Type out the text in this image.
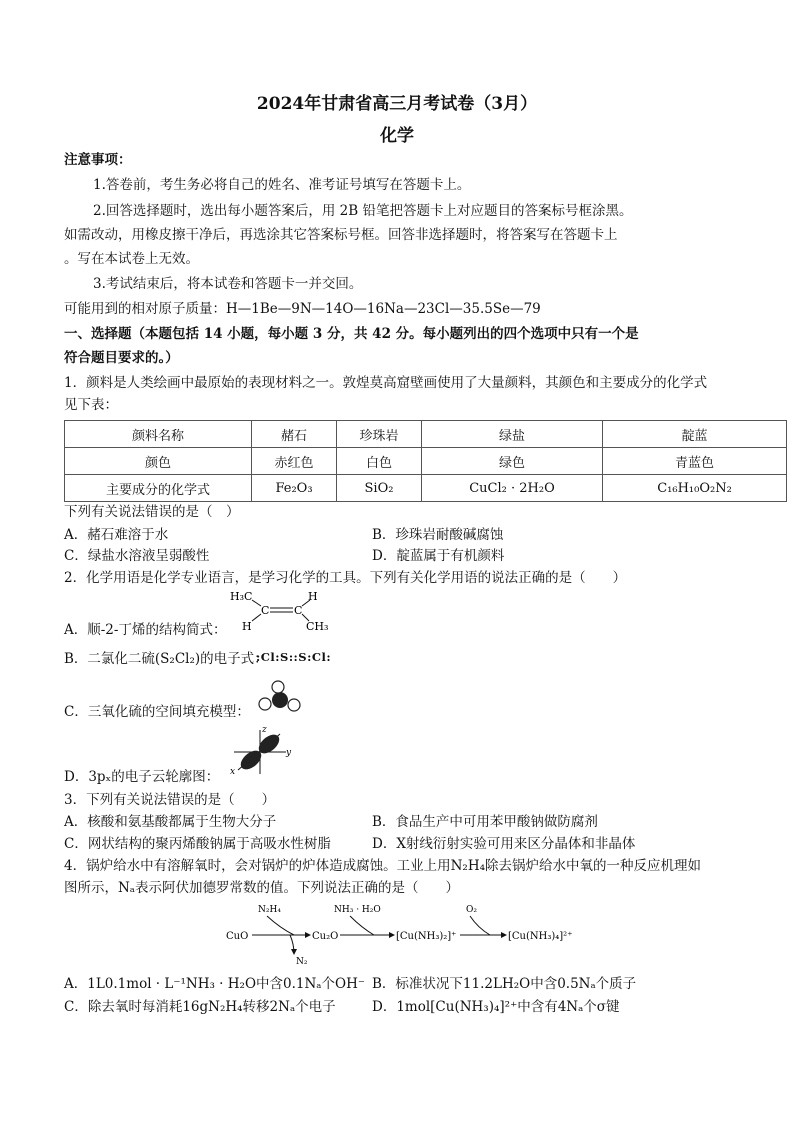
2024年甘肃省高三月考试卷（3月）
化学
注意事项：
1.答卷前，考生务必将自己的姓名、准考证号填写在答题卡上。
2.回答选择题时，选出每小题答案后，用 2B 铅笔把答题卡上对应题目的答案标号框涂黑。
如需改动，用橡皮擦干净后，再选涂其它答案标号框。回答非选择题时，将答案写在答题卡上
。写在本试卷上无效。
3.考试结束后，将本试卷和答题卡一并交回。
可能用到的相对原子质量：H—1Be—9N—14O—16Na—23Cl—35.5Se—79
一、选择题（本题包括 14 小题，每小题 3 分，共 42 分。每小题列出的四个选项中只有一个是
符合题目要求的。）
1．颜料是人类绘画中最原始的表现材料之一。敦煌莫高窟壁画使用了大量颜料，其颜色和主要成分的化学式
见下表：
颜料名称	赭石	珍珠岩	绿盐	靛蓝
颜色	赤红色	白色	绿色	青蓝色
主要成分的化学式	Fe₂O₃	SiO₂	CuCl₂ · 2H₂O	C₁₆H₁₀O₂N₂
下列有关说法错误的是（　）
A．赭石难溶于水	B．珍珠岩耐酸碱腐蚀
C．绿盐水溶液呈弱酸性	D．靛蓝属于有机颜料
2．化学用语是化学专业语言，是学习化学的工具。下列有关化学用语的说法正确的是（　　）
H₃C	H
C C
H	CH₃
A．顺-2-丁烯的结构简式：
B．二氯化二硫(S₂Cl₂)的电子式：
:Cl:S::S:Cl:
C．三氧化硫的空间填充模型：
z
y
x
D．3pₓ的电子云轮廓图：
3．下列有关说法错误的是（　　）
A．核酸和氨基酸都属于生物大分子	B．食品生产中可用苯甲酸钠做防腐剂
C．网状结构的聚丙烯酸钠属于高吸水性树脂	D．X射线衍射实验可用来区分晶体和非晶体
4．锅炉给水中有溶解氧时，会对锅炉的炉体造成腐蚀。工业上用N₂H₄除去锅炉给水中氧的一种反应机理如
图所示，Nₐ表示阿伏加德罗常数的值。下列说法正确的是（　　）
CuO
N₂H₄
N₂
Cu₂O
NH₃ · H₂O
[Cu(NH₃)₂]⁺
O₂
[Cu(NH₃)₄]²⁺
A．1L0.1mol · L⁻¹NH₃ · H₂O中含0.1Nₐ个OH⁻ B．标准状况下11.2LH₂O中含0.5Nₐ个质子
C．除去氧时每消耗16gN₂H₄转移2Nₐ个电子	D．1mol[Cu(NH₃)₄]²⁺中含有4Nₐ个σ键
